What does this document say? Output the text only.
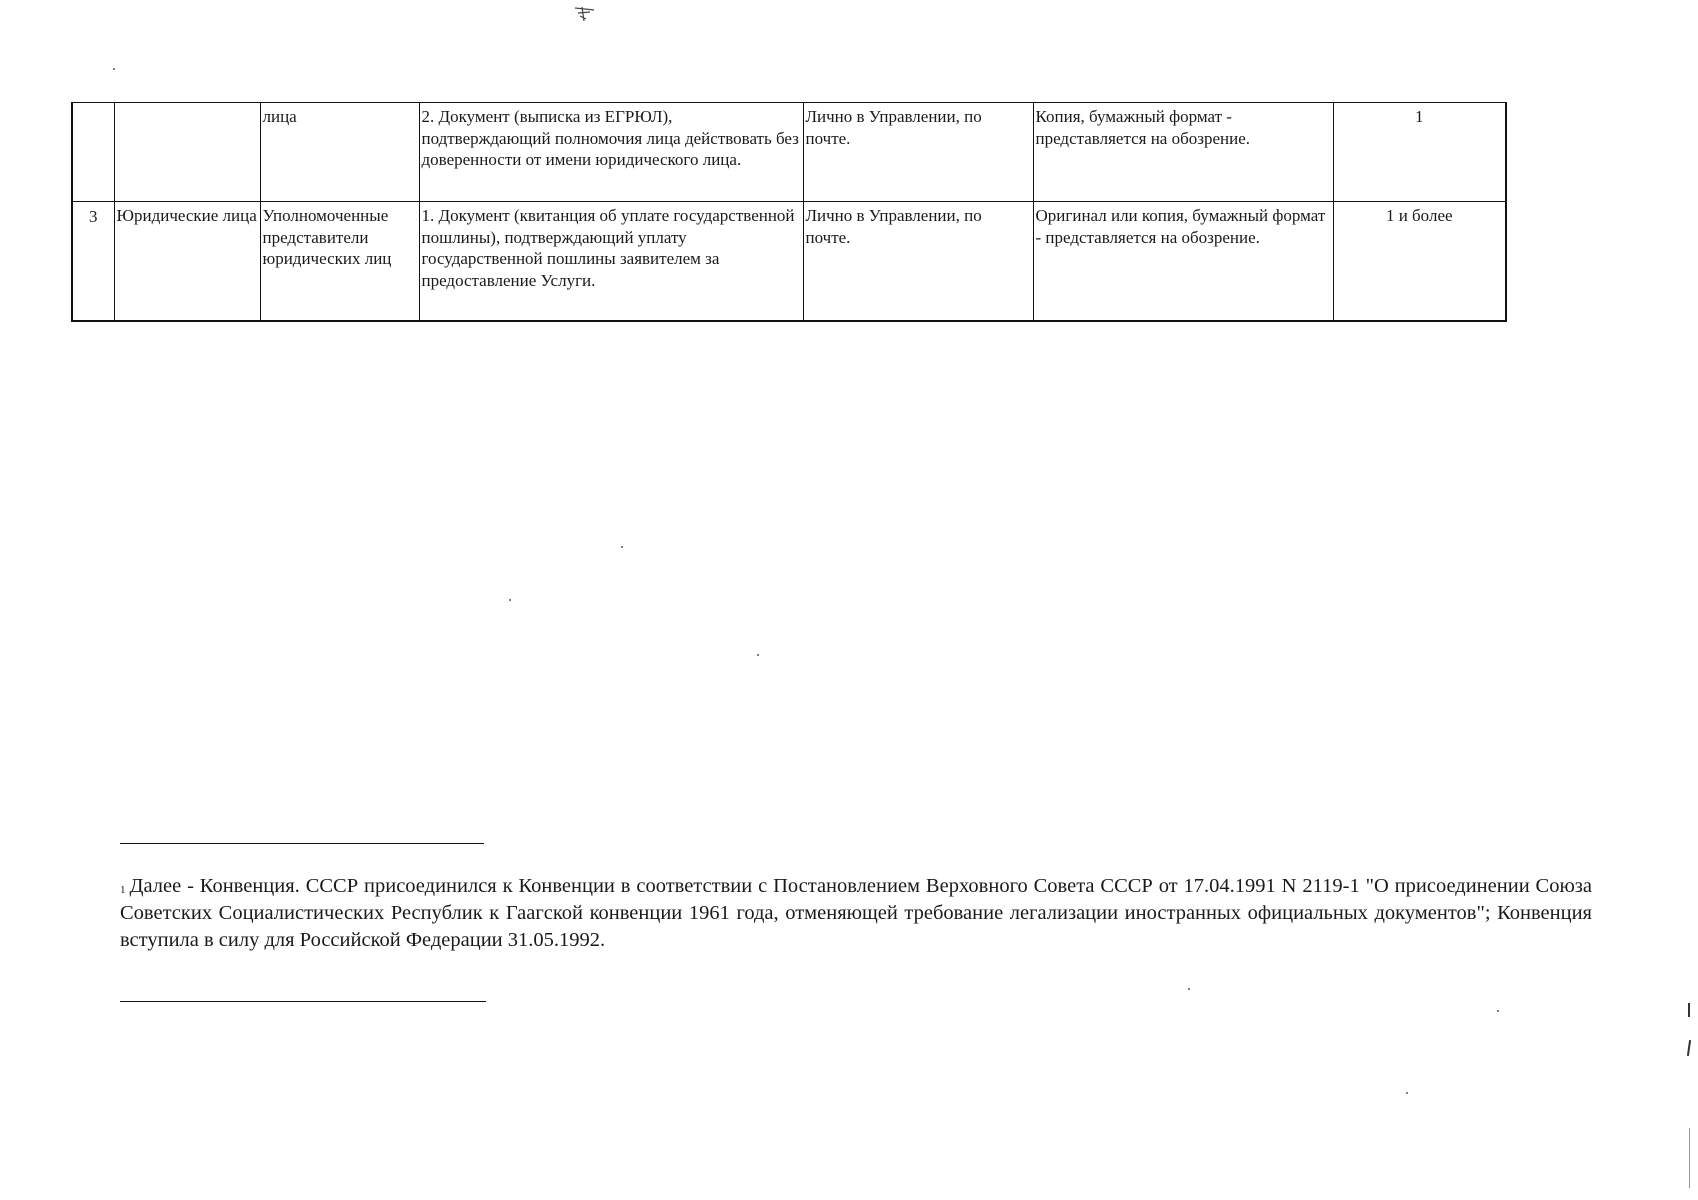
		лица	2. Документ (выписка из ЕГРЮЛ), подтверждающий полномочия лица действовать без доверенности от имени юридического лица.	Лично в Управлении, по почте.	Копия, бумажный формат - представляется на обозрение.	1
3	Юридические лица	Уполномоченные представители юридических лиц	1. Документ (квитанция об уплате государственной пошлины), подтверждающий уплату государственной пошлины заявителем за предоставление Услуги.	Лично в Управлении, по почте.	Оригинал или копия, бумажный формат - представляется на обозрение.	1 и более
$^1$ Далее - Конвенция. СССР присоединился к Конвенции в соответствии с Постановлением Верховного Совета СССР от 17.04.1991 N 2119-1 "О присоединении Союза Советских Социалистических Республик к Гаагской конвенции 1961 года, отменяющей требование легализации иностранных официальных документов"; Конвенция вступила в силу для Российской Федерации 31.05.1992.
